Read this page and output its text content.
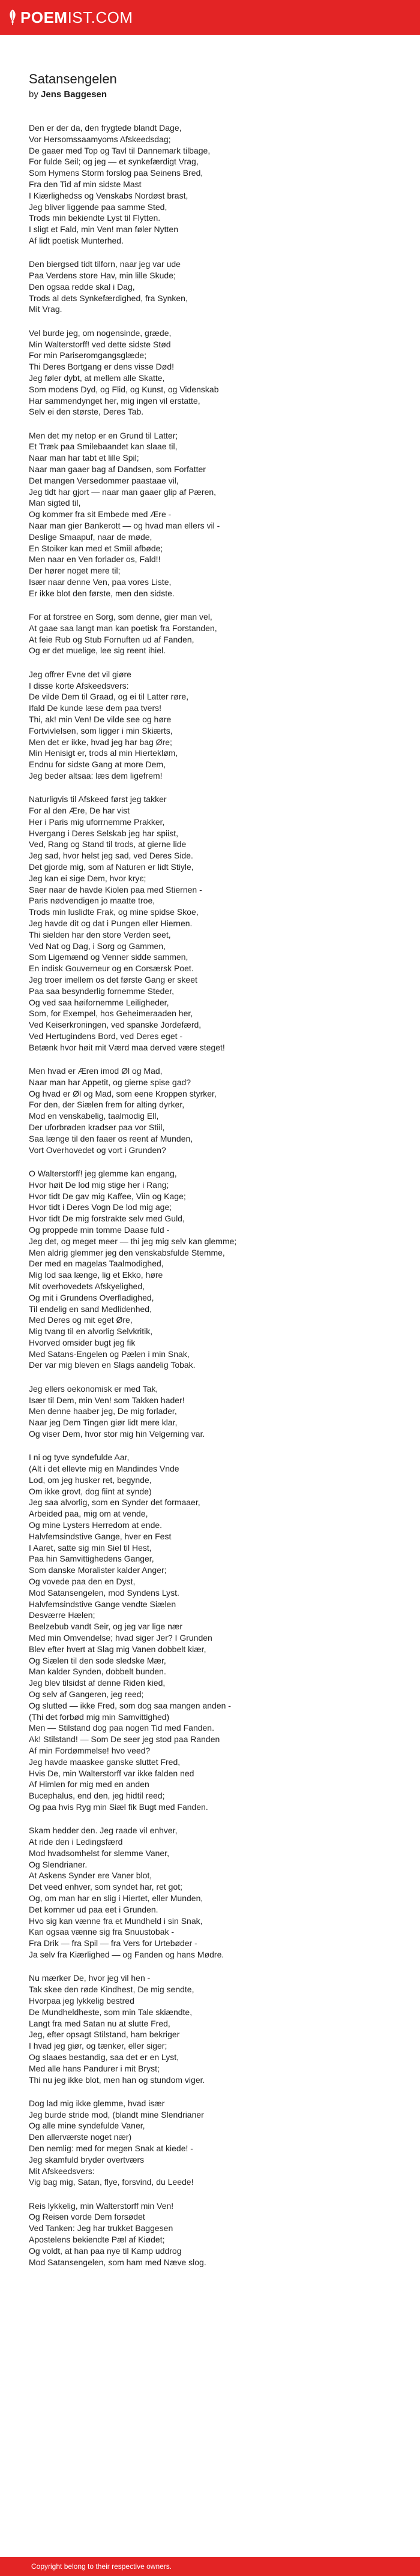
POEMIST.COM
Satansengelen
by Jens Baggesen
Den er der da, den frygtede blandt Dage,
Vor Hersomssaamyoms Afskeedsdag;
De gaaer med Top og Tavl til Dannemark tilbage,
For fulde Seil; og jeg — et synkefærdigt Vrag,
Som Hymens Storm forslog paa Seinens Bred,
Fra den Tid af min sidste Mast
I Kiærlighedss og Venskabs Nordøst brast,
Jeg bliver liggende paa samme Sted,
Trods min bekiendte Lyst til Flytten.
I sligt et Fald, min Ven! man føler Nytten
Af lidt poetisk Munterhed.
Den biergsed tidt tilforn, naar jeg var ude
Paa Verdens store Hav, min lille Skude;
Den ogsaa redde skal i Dag,
Trods al dets Synkefærdighed, fra Synken,
Mit Vrag.
Vel burde jeg, om nogensinde, græde,
Min Walterstorff! ved dette sidste Stød
For min Pariseromgangsglæde;
Thi Deres Bortgang er dens visse Død!
Jeg føler dybt, at mellem alle Skatte,
Som modens Dyd, og Flid, og Kunst, og Videnskab
Har sammendynget her, mig ingen vil erstatte,
Selv ei den største, Deres Tab.
Men det my netop er en Grund til Latter;
Et Træk paa Smilebaandet kan slaae til,
Naar man har tabt et lille Spil;
Naar man gaaer bag af Dandsen, som Forfatter
Det mangen Versedommer paastaae vil,
Jeg tidt har gjort — naar man gaaer glip af Pæren,
Man sigted til,
Og kommer fra sit Embede med Ære -
Naar man gier Bankerott — og hvad man ellers vil -
Deslige Smaapuf, naar de møde,
En Stoiker kan med et Smiil afbøde;
Men naar en Ven forlader os, Fald!!
Der hører noget mere til;
Især naar denne Ven, paa vores Liste,
Er ikke blot den første, men den sidste.
For at forstree en Sorg, som denne, gier man vel,
At gaae saa langt man kan poetisk fra Forstanden,
At feie Rub og Stub Fornuften ud af Fanden,
Og er det muelige, lee sig reent ihiel.
Jeg offrer Evne det vil giøre
I disse korte Afskeedsvers:
De vilde Dem til Graad, og ei til Latter røre,
Ifald De kunde læse dem paa tvers!
Thi, ak! min Ven! De vilde see og høre
Fortvivlelsen, som ligger i min Skiærts,
Men det er ikke, hvad jeg har bag Øre;
Min Henisigt er, trods al min Hiertekløm,
Endnu for sidste Gang at more Dem,
Jeg beder altsaa: læs dem ligefrem!
Naturligvis til Afskeed først jeg takker
For al den Ære, De har vist
Her i Paris mig uforrnemme Prakker,
Hvergang i Deres Selskab jeg har spiist,
Ved, Rang og Stand til trods, at gierne lide
Jeg sad, hvor helst jeg sad, ved Deres Side.
Det gjorde mig, som af Naturen er lidt Stiyle,
Jeg kan ei sige Dem, hvor kryє;
Saer naar de havde Kiolen paa med Stiernen -
Paris nødvendigen jo maatte troe,
Trods min luslidte Frak, og mine spidse Skoe,
Jeg havde dit og dat i Pungen eller Hiernen.
Thi sielden har den store Verden seet,
Ved Nat og Dag, i Sorg og Gammen,
Som Ligemænd og Venner sidde sammen,
En indisk Gouverneur og en Corsærsk Poet.
Jeg troer imellem os det første Gang er skeet
Paa saa besynderlig fornemme Steder,
Og ved saa høifornemme Leiligheder,
Som, for Exempel, hos Geheimeraaden her,
Ved Keiserkroningen, ved spanske Jordefærd,
Ved Hertugindens Bord, ved Deres eget -
Betænk hvor høit mit Værd maa derved være steget!
Men hvad er Æren imod Øl og Mad,
Naar man har Appetit, og gierne spise gad?
Og hvad er Øl og Mad, som eene Kroppen styrker,
For den, der Siælen frem for alting dyrker,
Mod en venskabelig, taalmodig Ell,
Der uforbrøden kradser paa vor Stiil,
Saa længe til den faaer os reent af Munden,
Vort Overhovedet og vort i Grunden?
O Walterstorff! jeg glemme kan engang,
Hvor høit De lod mig stige her i Rang;
Hvor tidt De gav mig Kaffee, Viin og Kage;
Hvor tidt i Deres Vogn De lod mig age;
Hvor tidt De mig forstrakte selv med Guld,
Og proppede min tomme Daase fuld -
Jeg det, og meget meer — thi jeg mig selv kan glemme;
Men aldrig glemmer jeg den venskabsfulde Stemme,
Der med en magelas Taalmodighed,
Mig lod saa længe, lig et Ekko, høre
Mit overhovedets Afskyelighed,
Og mit i Grundens Overfladighed,
Til endelig en sand Medlidenhed,
Med Deres og mit eget Øre,
Mig tvang til en alvorlig Selvkritik,
Hvorved omsider bugt jeg fik
Med Satans-Engelen og Pælen i min Snak,
Der var mig bleven en Slags aandelig Tobak.
Jeg ellers oekonomisk er med Tak,
Især til Dem, min Ven! som Takken hader!
Men denne haaber jeg, De mig forlader,
Naar jeg Dem Tingen giør lidt mere klar,
Og viser Dem, hvor stor mig hin Velgerning var.
I ni og tyve syndefulde Aar,
(Alt i det ellevte mig en Mandindes Vnde
Lod, om jeg husker ret, begynde,
Om ikke grovt, dog fiint at synde)
Jeg saa alvorlig, som en Synder det formaaer,
Arbeided paa, mig om at vende,
Og mine Lysters Herredom at ende.
Halvfemsindstive Gange, hver en Fest
I Aaret, satte sig min Siel til Hest,
Paa hin Samvittighedens Ganger,
Som danske Moralister kalder Anger;
Og vovede paa den en Dyst,
Mod Satansengelen, mod Syndens Lyst.
Halvfemsindstive Gange vendte Siælen
Desværre Hælen;
Beelzebub vandt Seir, og jeg var lige nær
Med min Omvendelse; hvad siger Jer? I Grunden
Blev efter hvert at Slag mig Vanen dobbelt kiær,
Og Siælen til den sode sledske Mær,
Man kalder Synden, dobbelt bunden.
Jeg blev tilsidst af denne Riden kied,
Og selv af Gangeren, jeg reed;
Og slutted — ikke Fred, som dog saa mangen anden -
(Thi det forbød mig min Samvittighed)
Men — Stilstand dog paa nogen Tid med Fanden.
Ak! Stilstand! — Som De seer jeg stod paa Randen
Af min Fordømmelse! hvo veed?
Jeg havde maaskee ganske sluttet Fred,
Hvis De, min Walterstorff var ikke falden ned
Af Himlen for mig med en anden
Bucephalus, end den, jeg hidtil reed;
Og paa hvis Ryg min Siæl fik Bugt med Fanden.
Skam hedder den. Jeg raade vil enhver,
At ride den i Ledingsfærd
Mod hvadsomhelst for slemme Vaner,
Og Slendrianer.
At Askens Synder ere Vaner blot,
Det veed enhver, som syndet har, ret got;
Og, om man har en slig i Hiertet, eller Munden,
Det kommer ud paa eet i Grunden.
Hvo sig kan vænne fra et Mundheld i sin Snak,
Kan ogsaa vænne sig fra Snuustobak -
Fra Drik — fra Spil — fra Vers for Urtebøder -
Ja selv fra Kiærlighed — og Fanden og hans Mødre.
Nu mærker De, hvor jeg vil hen -
Tak skee den røde Kindhest, De mig sendte,
Hvorpaa jeg lykkelig bestred
De Mundheldheste, som min Tale skiændte,
Langt fra med Satan nu at slutte Fred,
Jeg, efter opsagt Stilstand, ham bekriger
I hvad jeg giør, og tænker, eller siger;
Og slaaes bestandig, saa det er en Lyst,
Med alle hans Pandurer i mit Bryst;
Thi nu jeg ikke blot, men han og stundom viger.
Dog lad mig ikke glemme, hvad især
Jeg burde stride mod, (blandt mine Slendrianer
Og alle mine syndefulde Vaner,
Den allerværste noget nær)
Den nemlig: med for megen Snak at kiede! -
Jeg skamfuld bryder overtværs
Mit Afskeedsvers:
Vig bag mig, Satan, flye, forsvind, du Leede!
Reis lykkelig, min Walterstorff min Ven!
Og Reisen vorde Dem forsødet
Ved Tanken: Jeg har trukket Baggesen
Apostelens bekiendte Pæl af Kiødet;
Og voldt, at han paa nye til Kamp uddrog
Mod Satansengelen, som ham med Næve slog.
Copyright belong to their respective owners.
